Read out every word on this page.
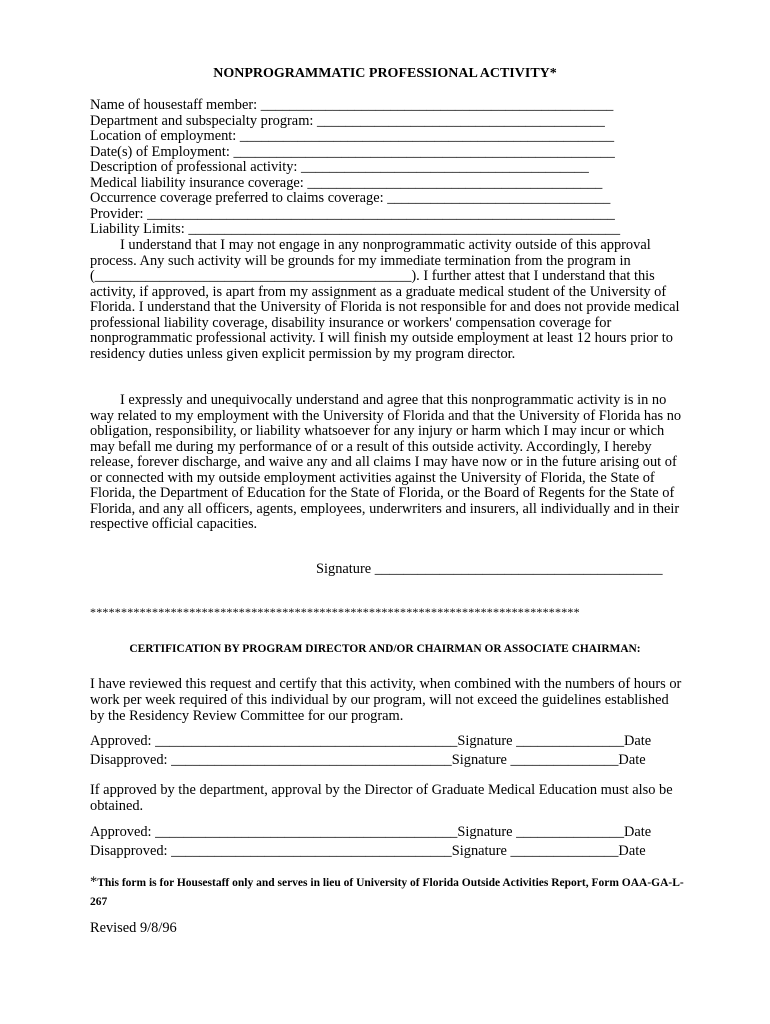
NONPROGRAMMATIC PROFESSIONAL ACTIVITY*
Name of housestaff member: _________________________________________________
Department and subspecialty program: ________________________________________
Location of employment: ____________________________________________________
Date(s) of Employment: _____________________________________________________
Description of professional activity: ________________________________________
Medical liability insurance coverage: _________________________________________
Occurrence coverage preferred to claims coverage: _______________________________
Provider: _________________________________________________________________
Liability Limits: ____________________________________________________________

I understand that I may not engage in any nonprogrammatic activity outside of this approval process. Any such activity will be grounds for my immediate termination from the program in (____________________________________________). I further attest that I understand that this activity, if approved, is apart from my assignment as a graduate medical student of the University of Florida. I understand that the University of Florida is not responsible for and does not provide medical professional liability coverage, disability insurance or workers' compensation coverage for nonprogrammatic professional activity. I will finish my outside employment at least 12 hours prior to residency duties unless given explicit permission by my program director.

I expressly and unequivocally understand and agree that this nonprogrammatic activity is in no way related to my employment with the University of Florida and that the University of Florida has no obligation, responsibility, or liability whatsoever for any injury or harm which I may incur or which may befall me during my performance of or a result of this outside activity. Accordingly, I hereby release, forever discharge, and waive any and all claims I may have now or in the future arising out of or connected with my outside employment activities against the University of Florida, the State of Florida, the Department of Education for the State of Florida, or the Board of Regents for the State of Florida, and any all officers, agents, employees, underwriters and insurers, all individually and in their respective official capacities.

Signature ________________________________________
*******************************************************************************
CERTIFICATION BY PROGRAM DIRECTOR AND/OR CHAIRMAN OR ASSOCIATE CHAIRMAN:

I have reviewed this request and certify that this activity, when combined with the numbers of hours or work per week required of this individual by our program, will not exceed the guidelines established by the Residency Review Committee for our program.

Approved: __________________________________________Signature _______________Date
Disapproved: _______________________________________Signature _______________Date

If approved by the department, approval by the Director of Graduate Medical Education must also be obtained.

Approved: __________________________________________Signature _______________Date
Disapproved: _______________________________________Signature _______________Date
*This form is for Housestaff only and serves in lieu of University of Florida Outside Activities Report, Form OAA-GA-L-267
Revised 9/8/96
